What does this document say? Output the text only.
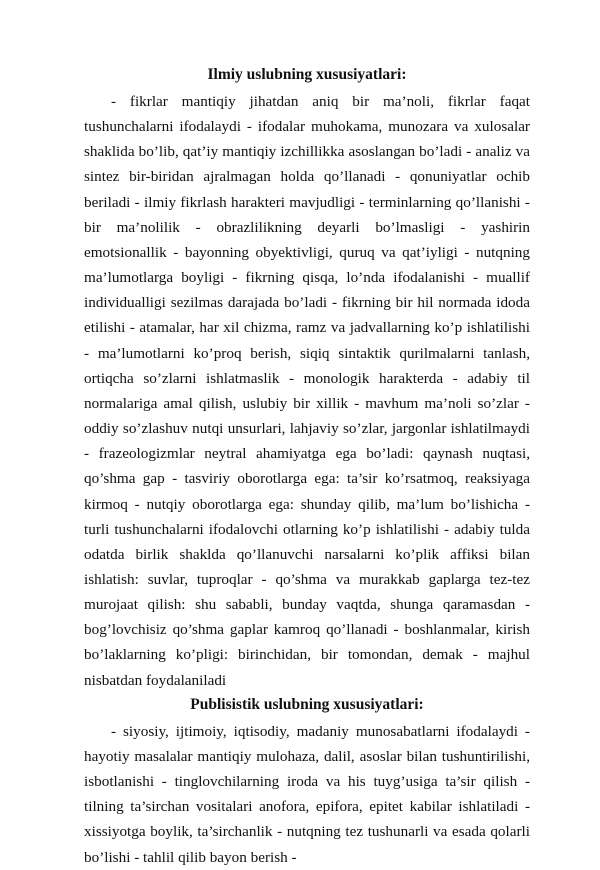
Ilmiy uslubning xususiyatlari:

- fikrlar mantiqiy jihatdan aniq bir ma’noli, fikrlar faqat tushunchalarni ifodalaydi - ifodalar muhokama, munozara va xulosalar shaklida bo’lib, qat’iy mantiqiy izchillikka asoslangan bo’ladi - analiz va sintez bir-biridan ajralmagan holda qo’llanadi - qonuniyatlar ochib beriladi - ilmiy fikrlash harakteri mavjudligi - terminlarning qo’llanishi - bir ma’nolilik - obrazlilikning deyarli bo’lmasligi - yashirin emotsionallik - bayonning obyektivligi, quruq va qat’iyligi - nutqning ma’lumotlarga boyligi - fikrning qisqa, lo’nda ifodalanishi - muallif individualligi sezilmas darajada bo’ladi - fikrning bir hil normada idoda etilishi - atamalar, har xil chizma, ramz va jadvallarning ko’p ishlatilishi - ma’lumotlarni ko’proq berish, siqiq sintaktik qurilmalarni tanlash, ortiqcha so’zlarni ishlatmaslik - monologik harakterda - adabiy til normalariga amal qilish, uslubiy bir xillik - mavhum ma’noli so’zlar - oddiy so’zlashuv nutqi unsurlari, lahjaviy so’zlar, jargonlar ishlatilmaydi - frazeologizmlar neytral ahamiyatga ega bo’ladi: qaynash nuqtasi, qo’shma gap - tasviriy oborotlarga ega: ta’sir ko’rsatmoq, reaksiyaga kirmoq - nutqiy oborotlarga ega: shunday qilib, ma’lum bo’lishicha - turli tushunchalarni ifodalovchi otlarning ko’p ishlatilishi - adabiy tulda odatda birlik shaklda qo’llanuvchi narsalarni ko’plik affiksi bilan ishlatish: suvlar, tuproqlar - qo’shma va murakkab gaplarga tez-tez murojaat qilish: shu sababli, bunday vaqtda, shunga qaramasdan - bog’lovchisiz qo’shma gaplar kamroq qo’llanadi - boshlanmalar, kirish bo’laklarning ko’pligi: birinchidan, bir tomondan, demak - majhul nisbatdan foydalaniladi

Publisistik uslubning xususiyatlari:

- siyosiy, ijtimoiy, iqtisodiy, madaniy munosabatlarni ifodalaydi - hayotiy masalalar mantiqiy mulohaza, dalil, asoslar bilan tushuntirilishi, isbotlanishi - tinglovchilarning iroda va his tuyg’usiga ta’sir qilish - tilning ta’sirchan vositalari anofora, epifora, epitet kabilar ishlatiladi - xissiyotga boylik, ta’sirchanlik - nutqning tez tushunarli va esada qolarli bo’lishi - tahlil qilib bayon berish -
